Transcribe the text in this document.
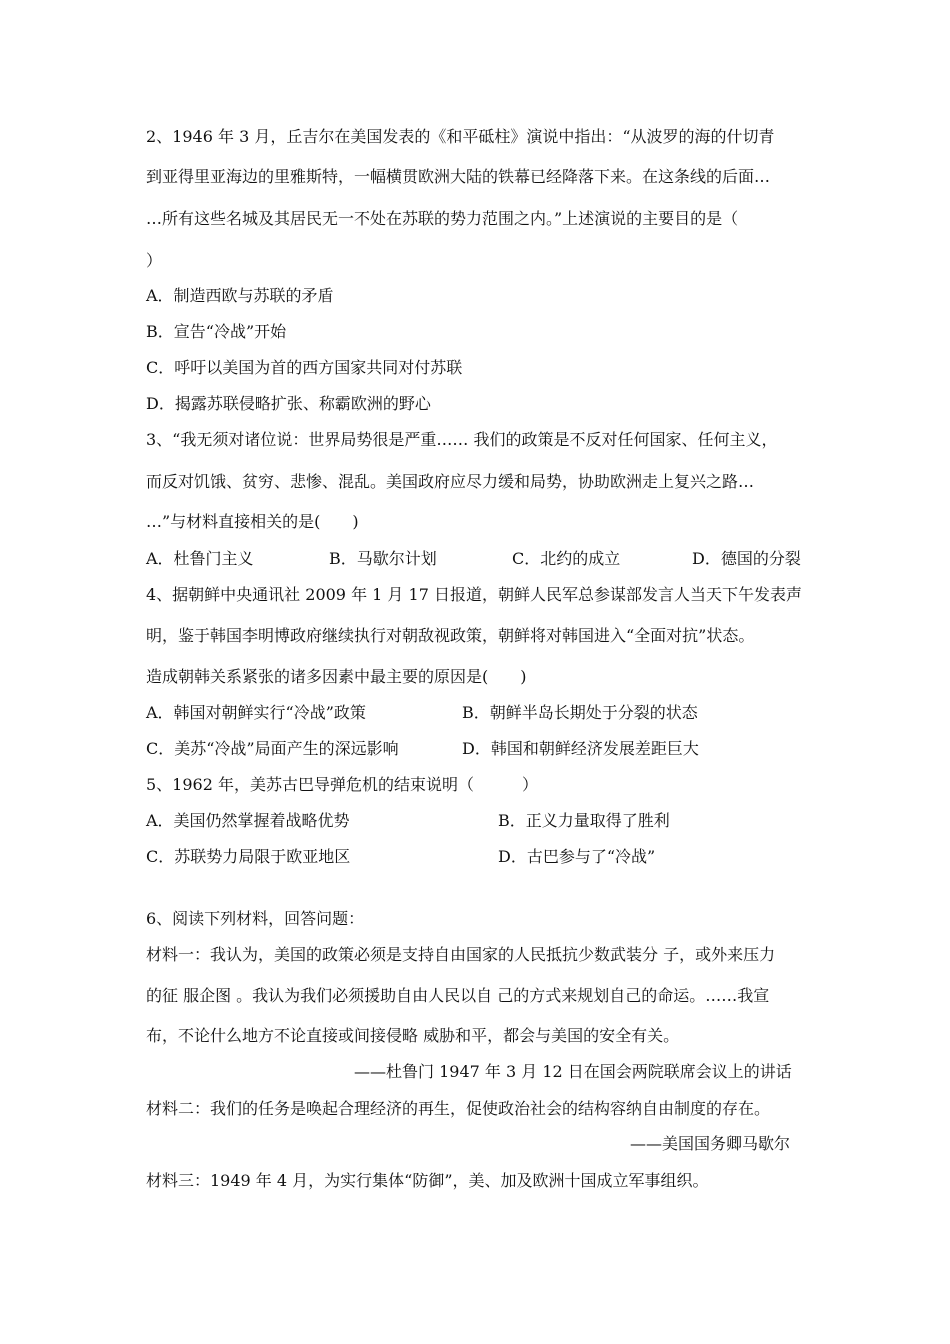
2、1946 年 3 月，丘吉尔在美国发表的《和平砥柱》演说中指出：“从波罗的海的什切青
到亚得里亚海边的里雅斯特，一幅横贯欧洲大陆的铁幕已经降落下来。在这条线的后面…
…所有这些名城及其居民无一不处在苏联的势力范围之内。”上述演说的主要目的是（
）
A．制造西欧与苏联的矛盾
B．宣告“冷战”开始
C．呼吁以美国为首的西方国家共同对付苏联
D．揭露苏联侵略扩张、称霸欧洲的野心
3、“我无须对诸位说：世界局势很是严重…… 我们的政策是不反对任何国家、任何主义，
而反对饥饿、贫穷、悲惨、混乱。美国政府应尽力缓和局势，协助欧洲走上复兴之路…
…”与材料直接相关的是(　　)
A．杜鲁门主义	B．马歇尔计划	C．北约的成立	D．德国的分裂
4、据朝鲜中央通讯社 2009 年 1 月 17 日报道，朝鲜人民军总参谋部发言人当天下午发表声
明，鉴于韩国李明博政府继续执行对朝敌视政策，朝鲜将对韩国进入“全面对抗”状态。
造成朝韩关系紧张的诸多因素中最主要的原因是(　　)
A．韩国对朝鲜实行“冷战”政策	B．朝鲜半岛长期处于分裂的状态
C．美苏“冷战”局面产生的深远影响	D．韩国和朝鲜经济发展差距巨大
5、1962 年，美苏古巴导弹危机的结束说明（　　　）
A．美国仍然掌握着战略优势	B．正义力量取得了胜利
C．苏联势力局限于欧亚地区	D．古巴参与了“冷战”
6、阅读下列材料，回答问题：
材料一：我认为，美国的政策必须是支持自由国家的人民抵抗少数武装分 子，或外来压力
的征 服企图 。我认为我们必须援助自由人民以自 己的方式来规划自己的命运。……我宣
布，不论什么地方不论直接或间接侵略 威胁和平，都会与美国的安全有关。
——杜鲁门 1947 年 3 月 12 日在国会两院联席会议上的讲话
材料二：我们的任务是唤起合理经济的再生，促使政治社会的结构容纳自由制度的存在。
——美国国务卿马歇尔
材料三：1949 年 4 月，为实行集体“防御”，美、加及欧洲十国成立军事组织。
